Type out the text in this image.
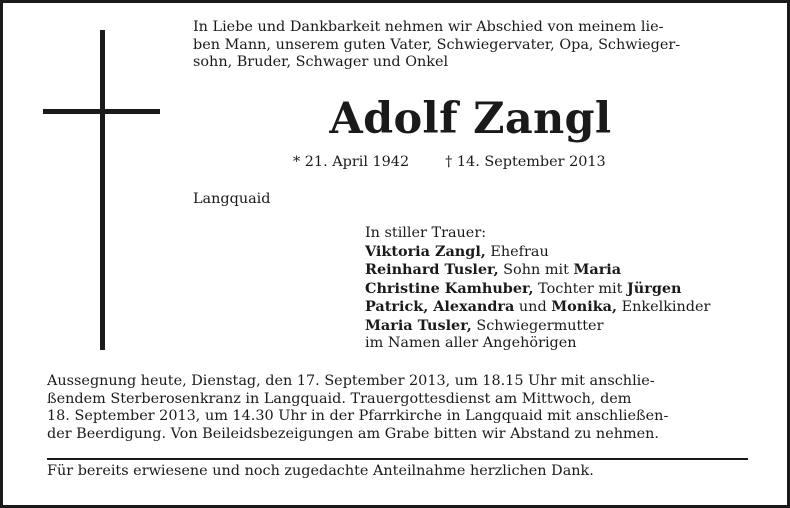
In Liebe und Dankbarkeit nehmen wir Abschied von meinem lie-
ben Mann, unserem guten Vater, Schwiegervater, Opa, Schwieger-
sohn, Bruder, Schwager und Onkel
Adolf Zangl
* 21. April 1942	† 14. September 2013
Langquaid
In stiller Trauer:
Viktoria Zangl, Ehefrau
Reinhard Tusler, Sohn mit Maria
Christine Kamhuber, Tochter mit Jürgen
Patrick, Alexandra und Monika, Enkelkinder
Maria Tusler, Schwiegermutter
im Namen aller Angehörigen
Aussegnung heute, Dienstag, den 17. September 2013, um 18.15 Uhr mit anschlie-
ßendem Sterberosenkranz in Langquaid. Trauergottesdienst am Mittwoch, dem
18. September 2013, um 14.30 Uhr in der Pfarrkirche in Langquaid mit anschließen-
der Beerdigung. Von Beileidsbezeigungen am Grabe bitten wir Abstand zu nehmen.
Für bereits erwiesene und noch zugedachte Anteilnahme herzlichen Dank.
